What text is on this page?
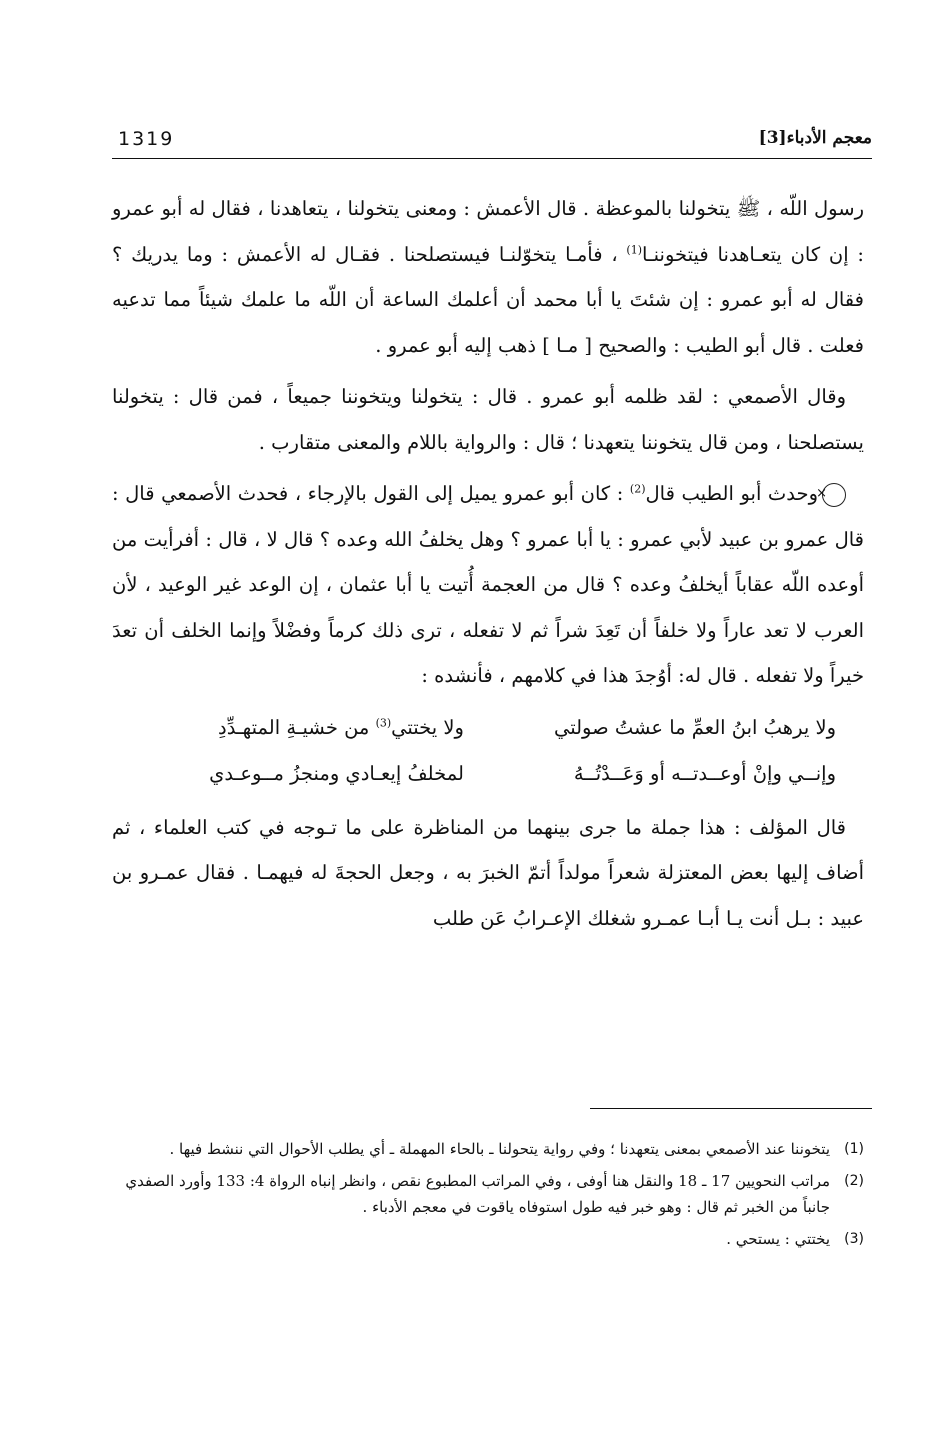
1319	معجم الأدباء[3]

رسول اللّه ، ﷺ يتخولنا بالموعظة . قال الأعمش : ومعنى يتخولنا ، يتعاهدنا ، فقال له أبو عمرو : إن كان يتعـاهدنا فيتخوننـا$^{(1)}$ ، فأمـا يتخوّلنـا فيستصلحنا . فقـال له الأعمش : وما يدريك ؟ فقال له أبو عمرو : إن شئتَ يا أبا محمد أن أعلمك الساعة أن اللّه ما علمك شيئاً مما تدعيه فعلت . قال أبو الطيب : والصحيح [ مـا ] ذهب إليه أبو عمرو .

وقال الأصمعي : لقد ظلمه أبو عمرو . قال : يتخولنا ويتخوننا جميعاً ، فمن قال : يتخولنا يستصلحنا ، ومن قال يتخوننا يتعهدنا ؛ قال : والرواية باللام والمعنى متقارب .

×وحدث أبو الطيب قال$^{(2)}$ : كان أبو عمرو يميل إلى القول بالإرجاء ، فحدث الأصمعي قال : قال عمرو بن عبيد لأبي عمرو : يا أبا عمرو ؟ وهل يخلفُ الله وعده ؟ قال لا ، قال : أفرأيت من أوعده اللّه عقاباً أيخلفُ وعده ؟ قال من العجمة أُتيت يا أبا عثمان ، إن الوعد غير الوعيد ، لأن العرب لا تعد عاراً ولا خلفاً أن تَعِدَ شراً ثم لا تفعله ، ترى ذلك كرماً وفضْلاً وإنما الخلف أن تعدَ خيراً ولا تفعله . قال له: أوُجدَ هذا في كلامهم ، فأنشده :

ولا يرهبُ ابنُ العمِّ ما عشتُ صولتي
ولا يختتي$^{(3)}$ من خشيـةِ المتهـدِّدِ
وإنــي وإنْ أوعــدتــه أو وَعَــدْتُــهُ
لمخلفُ إيعـادي ومنجزُ مــوعـدي

قال المؤلف : هذا جملة ما جرى بينهما من المناظرة على ما تـوجه في كتب العلماء ، ثم أضاف إليها بعض المعتزلة شعراً مولداً أتمّ الخبرَ به ، وجعل الحجةَ له فيهمـا . فقال عمـرو بن عبيد : بـل أنت يـا أبـا عمـرو شغلك الإعـرابُ عَن طلب

(1)
يتخوننا عند الأصمعي بمعنى يتعهدنا ؛ وفي رواية يتحولنا ـ بالحاء المهملة ـ أي يطلب الأحوال التي ننشط فيها .

(2)
مراتب النحويين 17 ـ 18 والنقل هنا أوفى ، وفي المراتب المطبوع نقص ، وانظر إنباه الرواة 4: 133 وأورد الصفدي جانباً من الخبر ثم قال : وهو خبر فيه طول استوفاه ياقوت في معجم الأدباء .

(3)
يختتي : يستحي .
